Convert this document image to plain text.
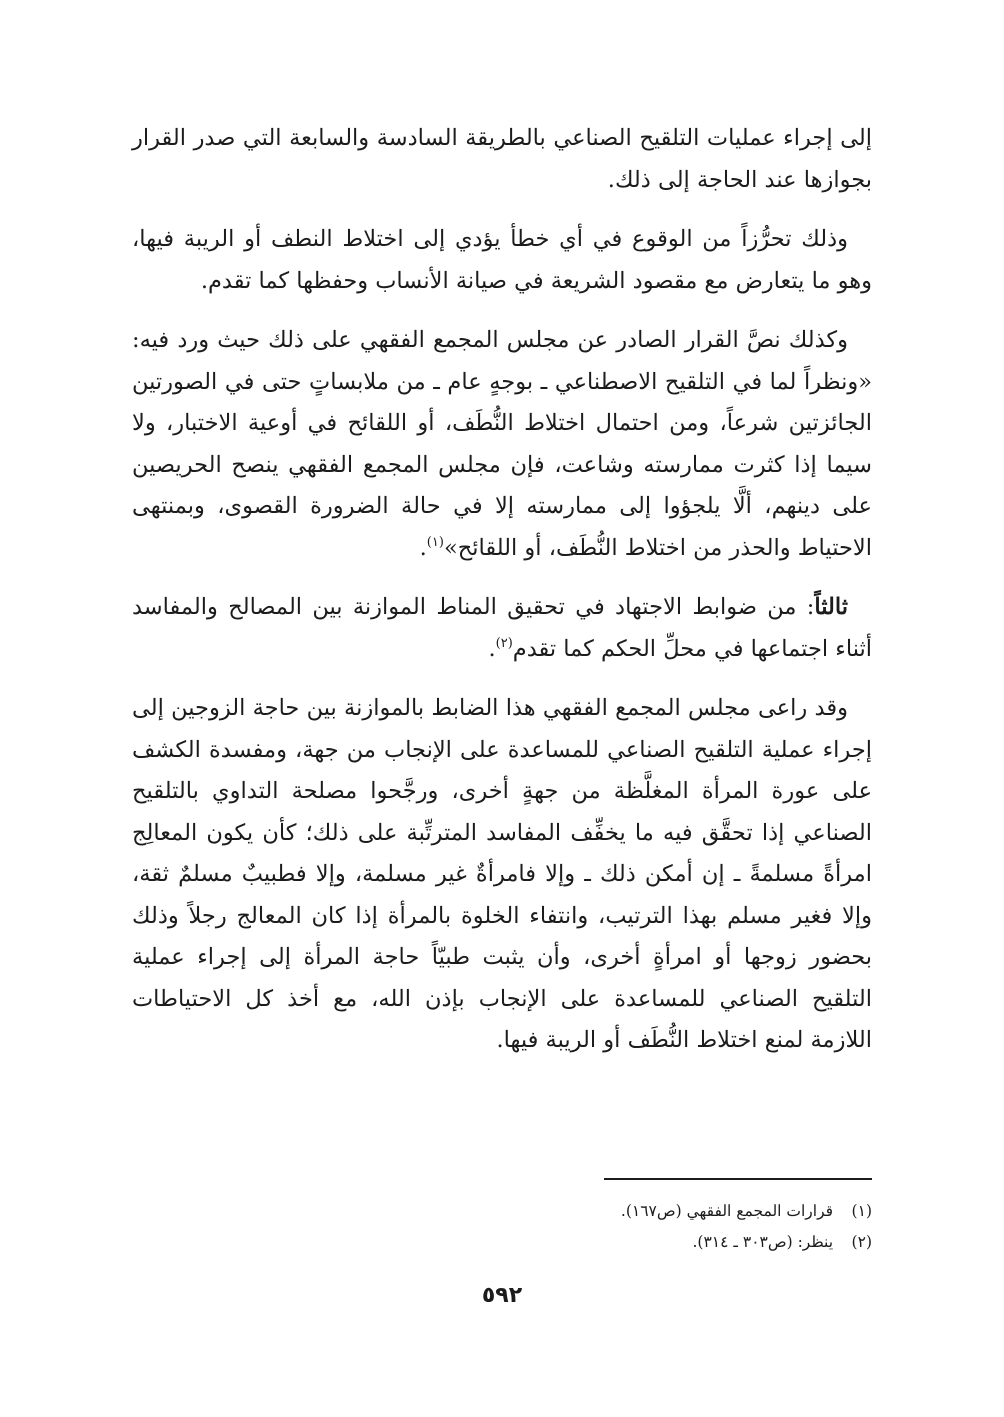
إلى إجراء عمليات التلقيح الصناعي بالطريقة السادسة والسابعة التي صدر القرار بجوازها عند الحاجة إلى ذلك.

وذلك تحرُّزاً من الوقوع في أي خطأ يؤدي إلى اختلاط النطف أو الريبة فيها، وهو ما يتعارض مع مقصود الشريعة في صيانة الأنساب وحفظها كما تقدم.

وكذلك نصَّ القرار الصادر عن مجلس المجمع الفقهي على ذلك حيث ورد فيه: «ونظراً لما في التلقيح الاصطناعي ـ بوجهٍ عام ـ من ملابساتٍ حتى في الصورتين الجائزتين شرعاً، ومن احتمال اختلاط النُّطَف، أو اللقائح في أوعية الاختبار، ولا سيما إذا كثرت ممارسته وشاعت، فإن مجلس المجمع الفقهي ينصح الحريصين على دينهم، ألَّا يلجؤوا إلى ممارسته إلا في حالة الضرورة القصوى، وبمنتهى الاحتياط والحذر من اختلاط النُّطَف، أو اللقائح»$^{(١)}$.

ثالثاً: من ضوابط الاجتهاد في تحقيق المناط الموازنة بين المصالح والمفاسد أثناء اجتماعها في محلِّ الحكم كما تقدم$^{(٢)}$.

وقد راعى مجلس المجمع الفقهي هذا الضابط بالموازنة بين حاجة الزوجين إلى إجراء عملية التلقيح الصناعي للمساعدة على الإنجاب من جهة، ومفسدة الكشف على عورة المرأة المغلَّظة من جهةٍ أخرى، ورجَّحوا مصلحة التداوي بالتلقيح الصناعي إذا تحقَّق فيه ما يخفِّف المفاسد المترتِّبة على ذلك؛ كأن يكون المعالِج امرأةً مسلمةً ـ إن أمكن ذلك ـ وإلا فامرأةٌ غير مسلمة، وإلا فطبيبٌ مسلمٌ ثقة، وإلا فغير مسلم بهذا الترتيب، وانتفاء الخلوة بالمرأة إذا كان المعالج رجلاً وذلك بحضور زوجها أو امرأةٍ أخرى، وأن يثبت طبيّاً حاجة المرأة إلى إجراء عملية التلقيح الصناعي للمساعدة على الإنجاب بإذن الله، مع أخذ كل الاحتياطات اللازمة لمنع اختلاط النُّطَف أو الريبة فيها.

(١) قرارات المجمع الفقهي (ص١٦٧).

(٢) ينظر: (ص٣٠٣ ـ ٣١٤).

٥٩٢
